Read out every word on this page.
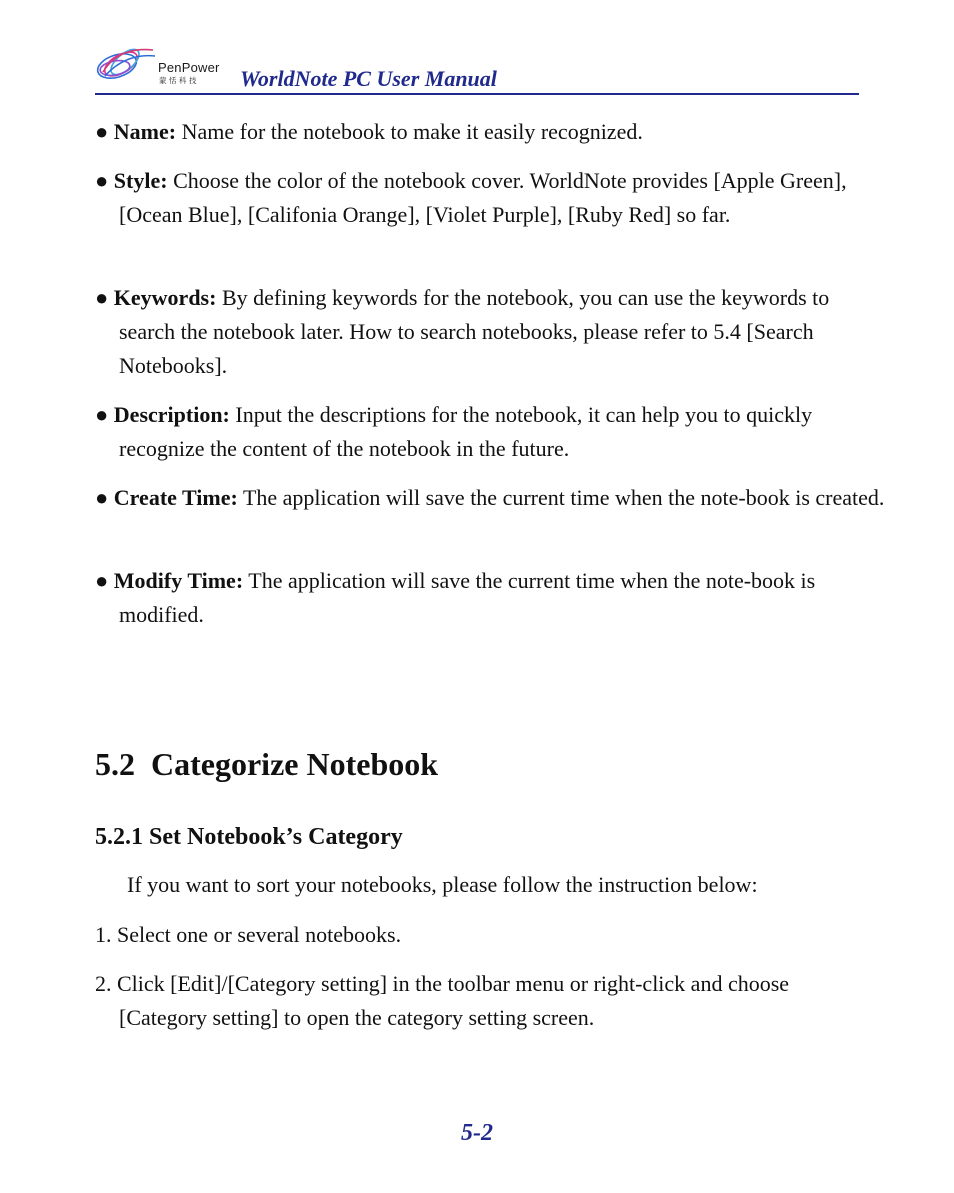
PenPower
蒙恬科技 WorldNote PC User Manual
● Name: Name for the notebook to make it easily recognized.
● Style: Choose the color of the notebook cover. WorldNote provides [Apple Green], [Ocean Blue], [Califonia Orange], [Violet Purple], [Ruby Red] so far.
● Keywords: By defining keywords for the notebook, you can use the keywords to search the notebook later. How to search notebooks, please refer to 5.4 [Search Notebooks].
● Description: Input the descriptions for the notebook, it can help you to quickly recognize the content of the notebook in the future.
● Create Time: The application will save the current time when the note-book is created.
● Modify Time: The application will save the current time when the note-book is modified.
5.2  Categorize Notebook
5.2.1 Set Notebook’s Category
If you want to sort your notebooks, please follow the instruction below:
1. Select one or several notebooks.
2. Click [Edit]/[Category setting] in the toolbar menu or right-click and choose [Category setting] to open the category setting screen.
5-2
